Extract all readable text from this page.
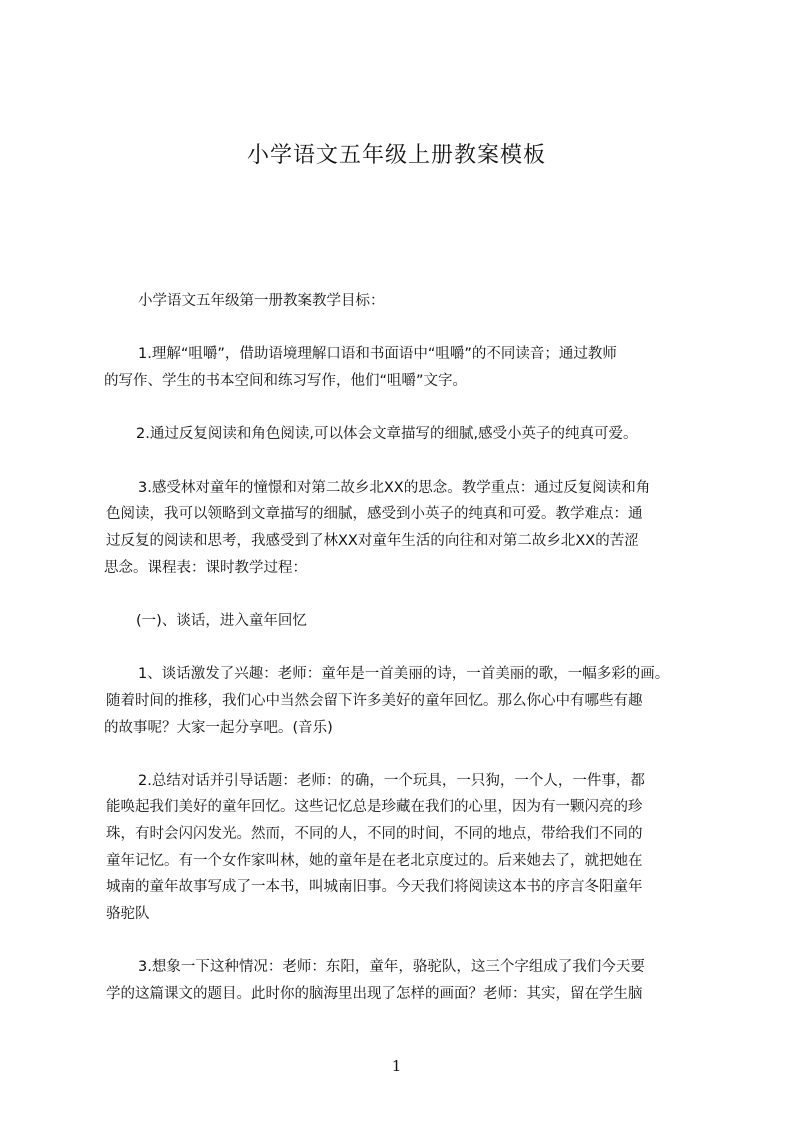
小学语文五年级上册教案模板
小学语文五年级第一册教案教学目标：
1.理解“咀嚼”，借助语境理解口语和书面语中“咀嚼”的不同读音；通过教师
的写作、学生的书本空间和练习写作，他们“咀嚼”文字。
2.通过反复阅读和角色阅读,可以体会文章描写的细腻,感受小英子的纯真可爱。
3.感受林对童年的憧憬和对第二故乡北XX的思念。教学重点：通过反复阅读和角
色阅读，我可以领略到文章描写的细腻，感受到小英子的纯真和可爱。教学难点：通
过反复的阅读和思考，我感受到了林XX对童年生活的向往和对第二故乡北XX的苦涩
思念。课程表：课时教学过程：
(一)、谈话，进入童年回忆
1、谈话激发了兴趣：老师：童年是一首美丽的诗，一首美丽的歌，一幅多彩的画。
随着时间的推移，我们心中当然会留下许多美好的童年回忆。那么你心中有哪些有趣
的故事呢？大家一起分享吧。(音乐)
2.总结对话并引导话题：老师：的确，一个玩具，一只狗，一个人，一件事，都
能唤起我们美好的童年回忆。这些记忆总是珍藏在我们的心里，因为有一颗闪亮的珍
珠，有时会闪闪发光。然而，不同的人，不同的时间，不同的地点，带给我们不同的
童年记忆。有一个女作家叫林，她的童年是在老北京度过的。后来她去了，就把她在
城南的童年故事写成了一本书，叫城南旧事。今天我们将阅读这本书的序言冬阳童年
骆驼队
3.想象一下这种情况：老师：东阳，童年，骆驼队，这三个字组成了我们今天要
学的这篇课文的题目。此时你的脑海里出现了怎样的画面？老师：其实，留在学生脑
1
